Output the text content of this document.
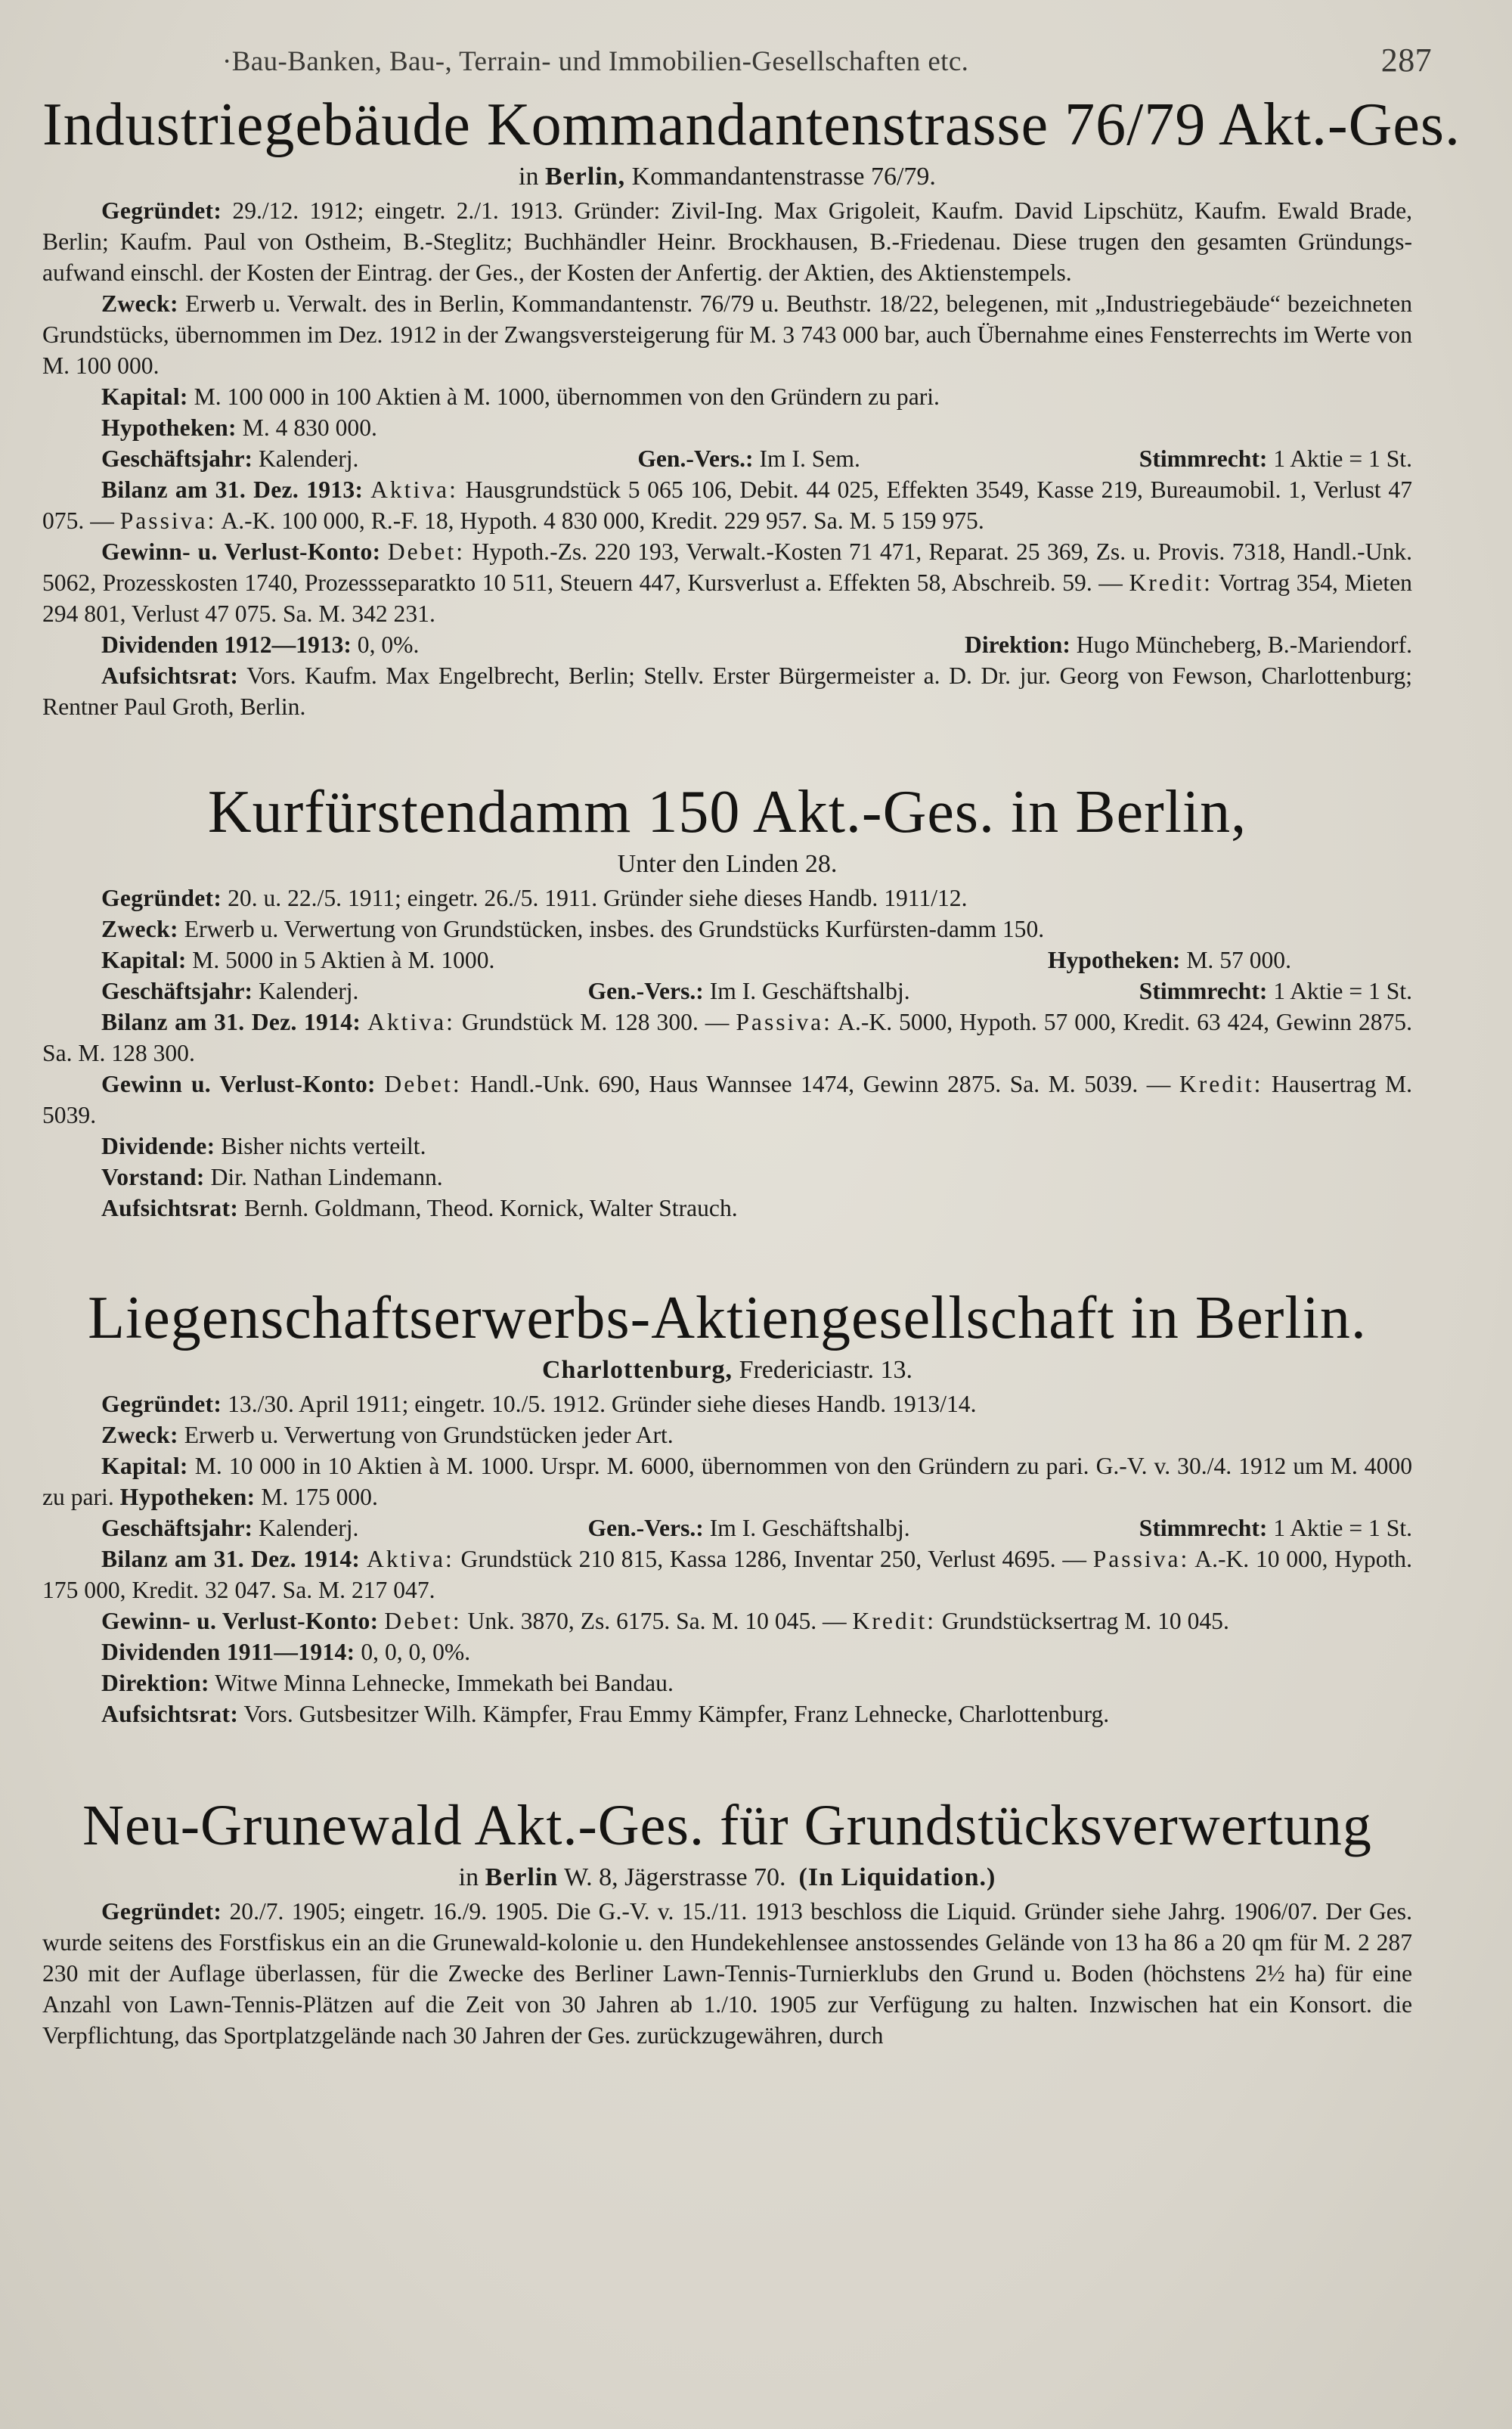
·Bau-Banken, Bau-, Terrain- und Immobilien-Gesellschaften etc.	287
Industriegebäude Kommandantenstrasse 76/79 Akt.-Ges.
in Berlin, Kommandantenstrasse 76/79.
Gegründet: 29./12. 1912; eingetr. 2./1. 1913. Gründer: Zivil-Ing. Max Grigoleit, Kaufm. David Lipschütz, Kaufm. Ewald Brade, Berlin; Kaufm. Paul von Ostheim, B.-Steglitz; Buchhändler Heinr. Brockhausen, B.-Friedenau. Diese trugen den gesamten Gründungs-aufwand einschl. der Kosten der Eintrag. der Ges., der Kosten der Anfertig. der Aktien, des Aktienstempels.
Zweck: Erwerb u. Verwalt. des in Berlin, Kommandantenstr. 76/79 u. Beuthstr. 18/22, belegenen, mit „Industriegebäude“ bezeichneten Grundstücks, übernommen im Dez. 1912 in der Zwangsversteigerung für M. 3 743 000 bar, auch Übernahme eines Fensterrechts im Werte von M. 100 000.
Kapital: M. 100 000 in 100 Aktien à M. 1000, übernommen von den Gründern zu pari.
Hypotheken: M. 4 830 000.
Geschäftsjahr: Kalenderj.	Gen.-Vers.: Im I. Sem.	Stimmrecht: 1 Aktie = 1 St.
Bilanz am 31. Dez. 1913: Aktiva: Hausgrundstück 5 065 106, Debit. 44 025, Effekten 3549, Kasse 219, Bureaumobil. 1, Verlust 47 075. — Passiva: A.-K. 100 000, R.-F. 18, Hypoth. 4 830 000, Kredit. 229 957. Sa. M. 5 159 975.
Gewinn- u. Verlust-Konto: Debet: Hypoth.-Zs. 220 193, Verwalt.-Kosten 71 471, Reparat. 25 369, Zs. u. Provis. 7318, Handl.-Unk. 5062, Prozesskosten 1740, Prozessseparatkto 10 511, Steuern 447, Kursverlust a. Effekten 58, Abschreib. 59. — Kredit: Vortrag 354, Mieten 294 801, Verlust 47 075. Sa. M. 342 231.
Dividenden 1912—1913: 0, 0%.	Direktion: Hugo Müncheberg, B.-Mariendorf.
Aufsichtsrat: Vors. Kaufm. Max Engelbrecht, Berlin; Stellv. Erster Bürgermeister a. D. Dr. jur. Georg von Fewson, Charlottenburg; Rentner Paul Groth, Berlin.
Kurfürstendamm 150 Akt.-Ges. in Berlin,
Unter den Linden 28.
Gegründet: 20. u. 22./5. 1911; eingetr. 26./5. 1911. Gründer siehe dieses Handb. 1911/12.
Zweck: Erwerb u. Verwertung von Grundstücken, insbes. des Grundstücks Kurfürsten-damm 150.
Kapital: M. 5000 in 5 Aktien à M. 1000.	Hypotheken: M. 57 000.
Geschäftsjahr: Kalenderj.	Gen.-Vers.: Im I. Geschäftshalbj.	Stimmrecht: 1 Aktie = 1 St.
Bilanz am 31. Dez. 1914: Aktiva: Grundstück M. 128 300. — Passiva: A.-K. 5000, Hypoth. 57 000, Kredit. 63 424, Gewinn 2875. Sa. M. 128 300.
Gewinn u. Verlust-Konto: Debet: Handl.-Unk. 690, Haus Wannsee 1474, Gewinn 2875. Sa. M. 5039. — Kredit: Hausertrag M. 5039.
Dividende: Bisher nichts verteilt.
Vorstand: Dir. Nathan Lindemann.
Aufsichtsrat: Bernh. Goldmann, Theod. Kornick, Walter Strauch.
Liegenschaftserwerbs-Aktiengesellschaft in Berlin.
Charlottenburg, Fredericiastr. 13.
Gegründet: 13./30. April 1911; eingetr. 10./5. 1912. Gründer siehe dieses Handb. 1913/14.
Zweck: Erwerb u. Verwertung von Grundstücken jeder Art.
Kapital: M. 10 000 in 10 Aktien à M. 1000. Urspr. M. 6000, übernommen von den Gründern zu pari. G.-V. v. 30./4. 1912 um M. 4000 zu pari. Hypotheken: M. 175 000.
Geschäftsjahr: Kalenderj.	Gen.-Vers.: Im I. Geschäftshalbj.	Stimmrecht: 1 Aktie = 1 St.
Bilanz am 31. Dez. 1914: Aktiva: Grundstück 210 815, Kassa 1286, Inventar 250, Verlust 4695. — Passiva: A.-K. 10 000, Hypoth. 175 000, Kredit. 32 047. Sa. M. 217 047.
Gewinn- u. Verlust-Konto: Debet: Unk. 3870, Zs. 6175. Sa. M. 10 045. — Kredit: Grundstücksertrag M. 10 045.
Dividenden 1911—1914: 0, 0, 0, 0%.
Direktion: Witwe Minna Lehnecke, Immekath bei Bandau.
Aufsichtsrat: Vors. Gutsbesitzer Wilh. Kämpfer, Frau Emmy Kämpfer, Franz Lehnecke, Charlottenburg.
Neu-Grunewald Akt.-Ges. für Grundstücksverwertung
in Berlin W. 8, Jägerstrasse 70. (In Liquidation.)
Gegründet: 20./7. 1905; eingetr. 16./9. 1905. Die G.-V. v. 15./11. 1913 beschloss die Liquid. Gründer siehe Jahrg. 1906/07. Der Ges. wurde seitens des Forstfiskus ein an die Grunewald-kolonie u. den Hundekehlensee anstossendes Gelände von 13 ha 86 a 20 qm für M. 2 287 230 mit der Auflage überlassen, für die Zwecke des Berliner Lawn-Tennis-Turnierklubs den Grund u. Boden (höchstens 2½ ha) für eine Anzahl von Lawn-Tennis-Plätzen auf die Zeit von 30 Jahren ab 1./10. 1905 zur Verfügung zu halten. Inzwischen hat ein Konsort. die Verpflichtung, das Sportplatzgelände nach 30 Jahren der Ges. zurückzugewähren, durch
